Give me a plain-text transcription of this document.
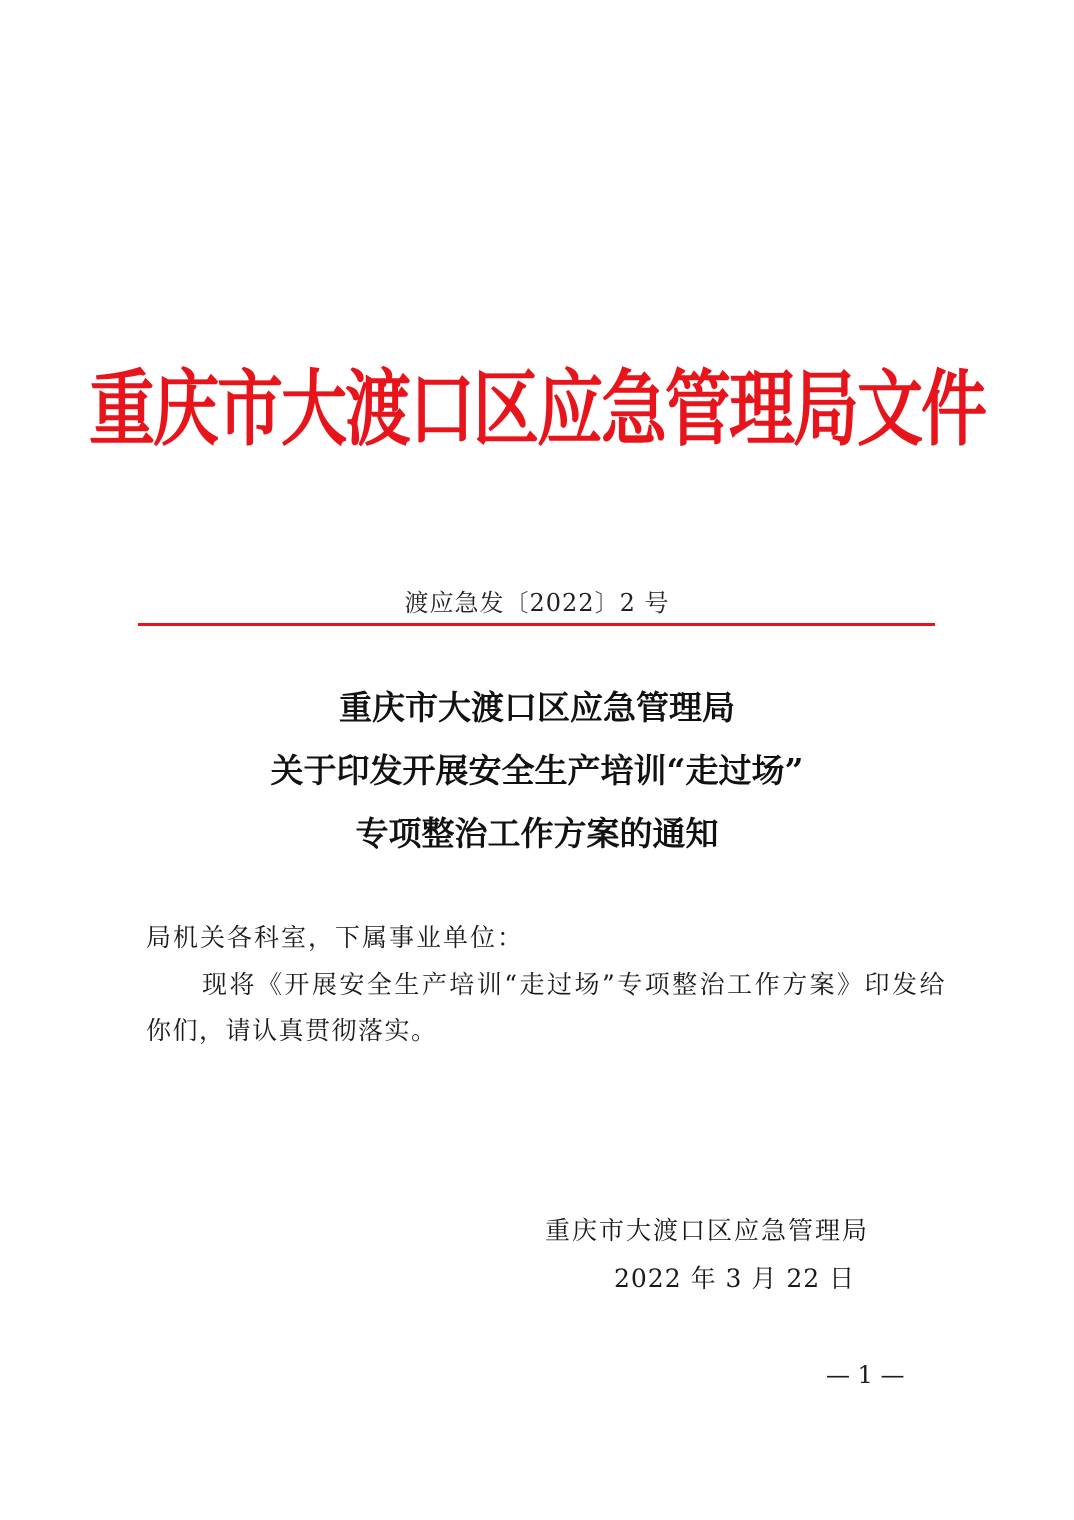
重庆市大渡口区应急管理局文件
渡应急发〔2022〕2 号
重庆市大渡口区应急管理局
关于印发开展安全生产培训“走过场”
专项整治工作方案的通知
局机关各科室，下属事业单位：
现将《开展安全生产培训“走过场”专项整治工作方案》印发给你们，请认真贯彻落实。
重庆市大渡口区应急管理局
2022 年 3 月 22 日
— 1 —
